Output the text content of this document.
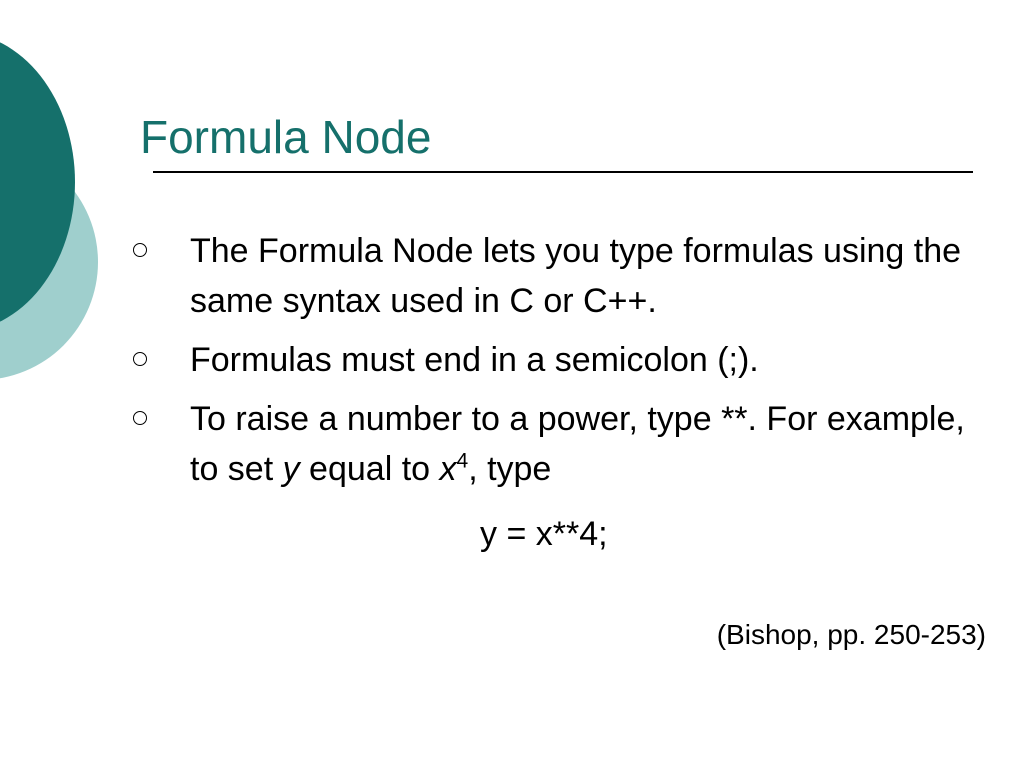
Formula Node
The Formula Node lets you type formulas using the same syntax used in C or C++.
Formulas must end in a semicolon (;).
To raise a number to a power, type **. For example, to set y equal to $x^4$, type
y = x**4;
(Bishop, pp. 250-253)
